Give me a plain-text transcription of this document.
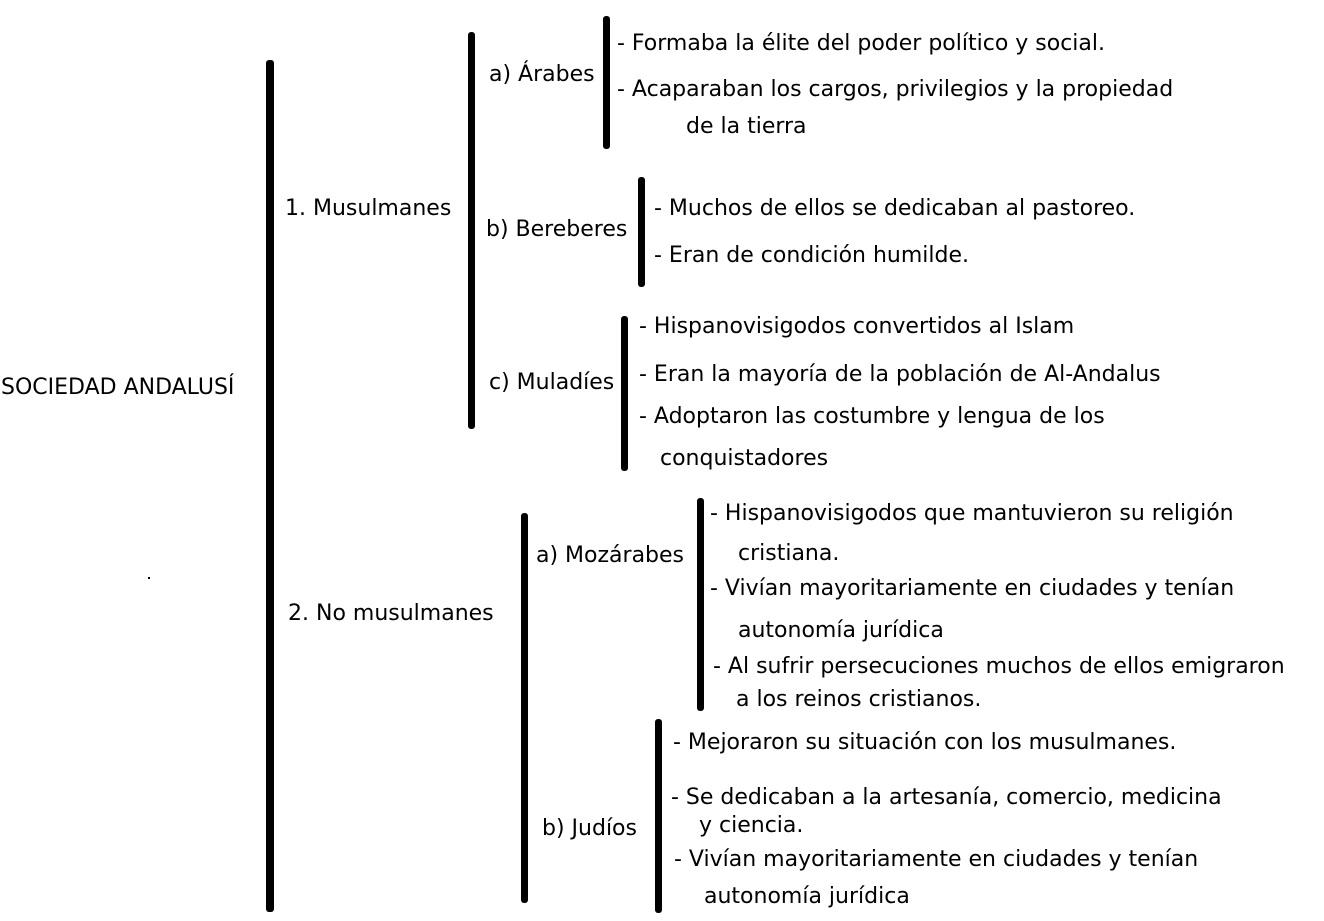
SOCIEDAD ANDALUSÍ
1. Musulmanes
a) Árabes
- Formaba la élite del poder político y social.
- Acaparaban los cargos, privilegios y la propiedad
de la tierra
b) Bereberes
- Muchos de ellos se dedicaban al pastoreo.
- Eran de condición humilde.
c) Muladíes
- Hispanovisigodos convertidos al Islam
- Eran la mayoría de la población de Al-Andalus
- Adoptaron las costumbre y lengua de los
conquistadores
2. No musulmanes
a) Mozárabes
- Hispanovisigodos que mantuvieron su religión
cristiana.
- Vivían mayoritariamente en ciudades y tenían
autonomía jurídica
- Al sufrir persecuciones muchos de ellos emigraron
a los reinos cristianos.
b) Judíos
- Mejoraron su situación con los musulmanes.
- Se dedicaban a la artesanía, comercio, medicina
y ciencia.
- Vivían mayoritariamente en ciudades y tenían
autonomía jurídica
